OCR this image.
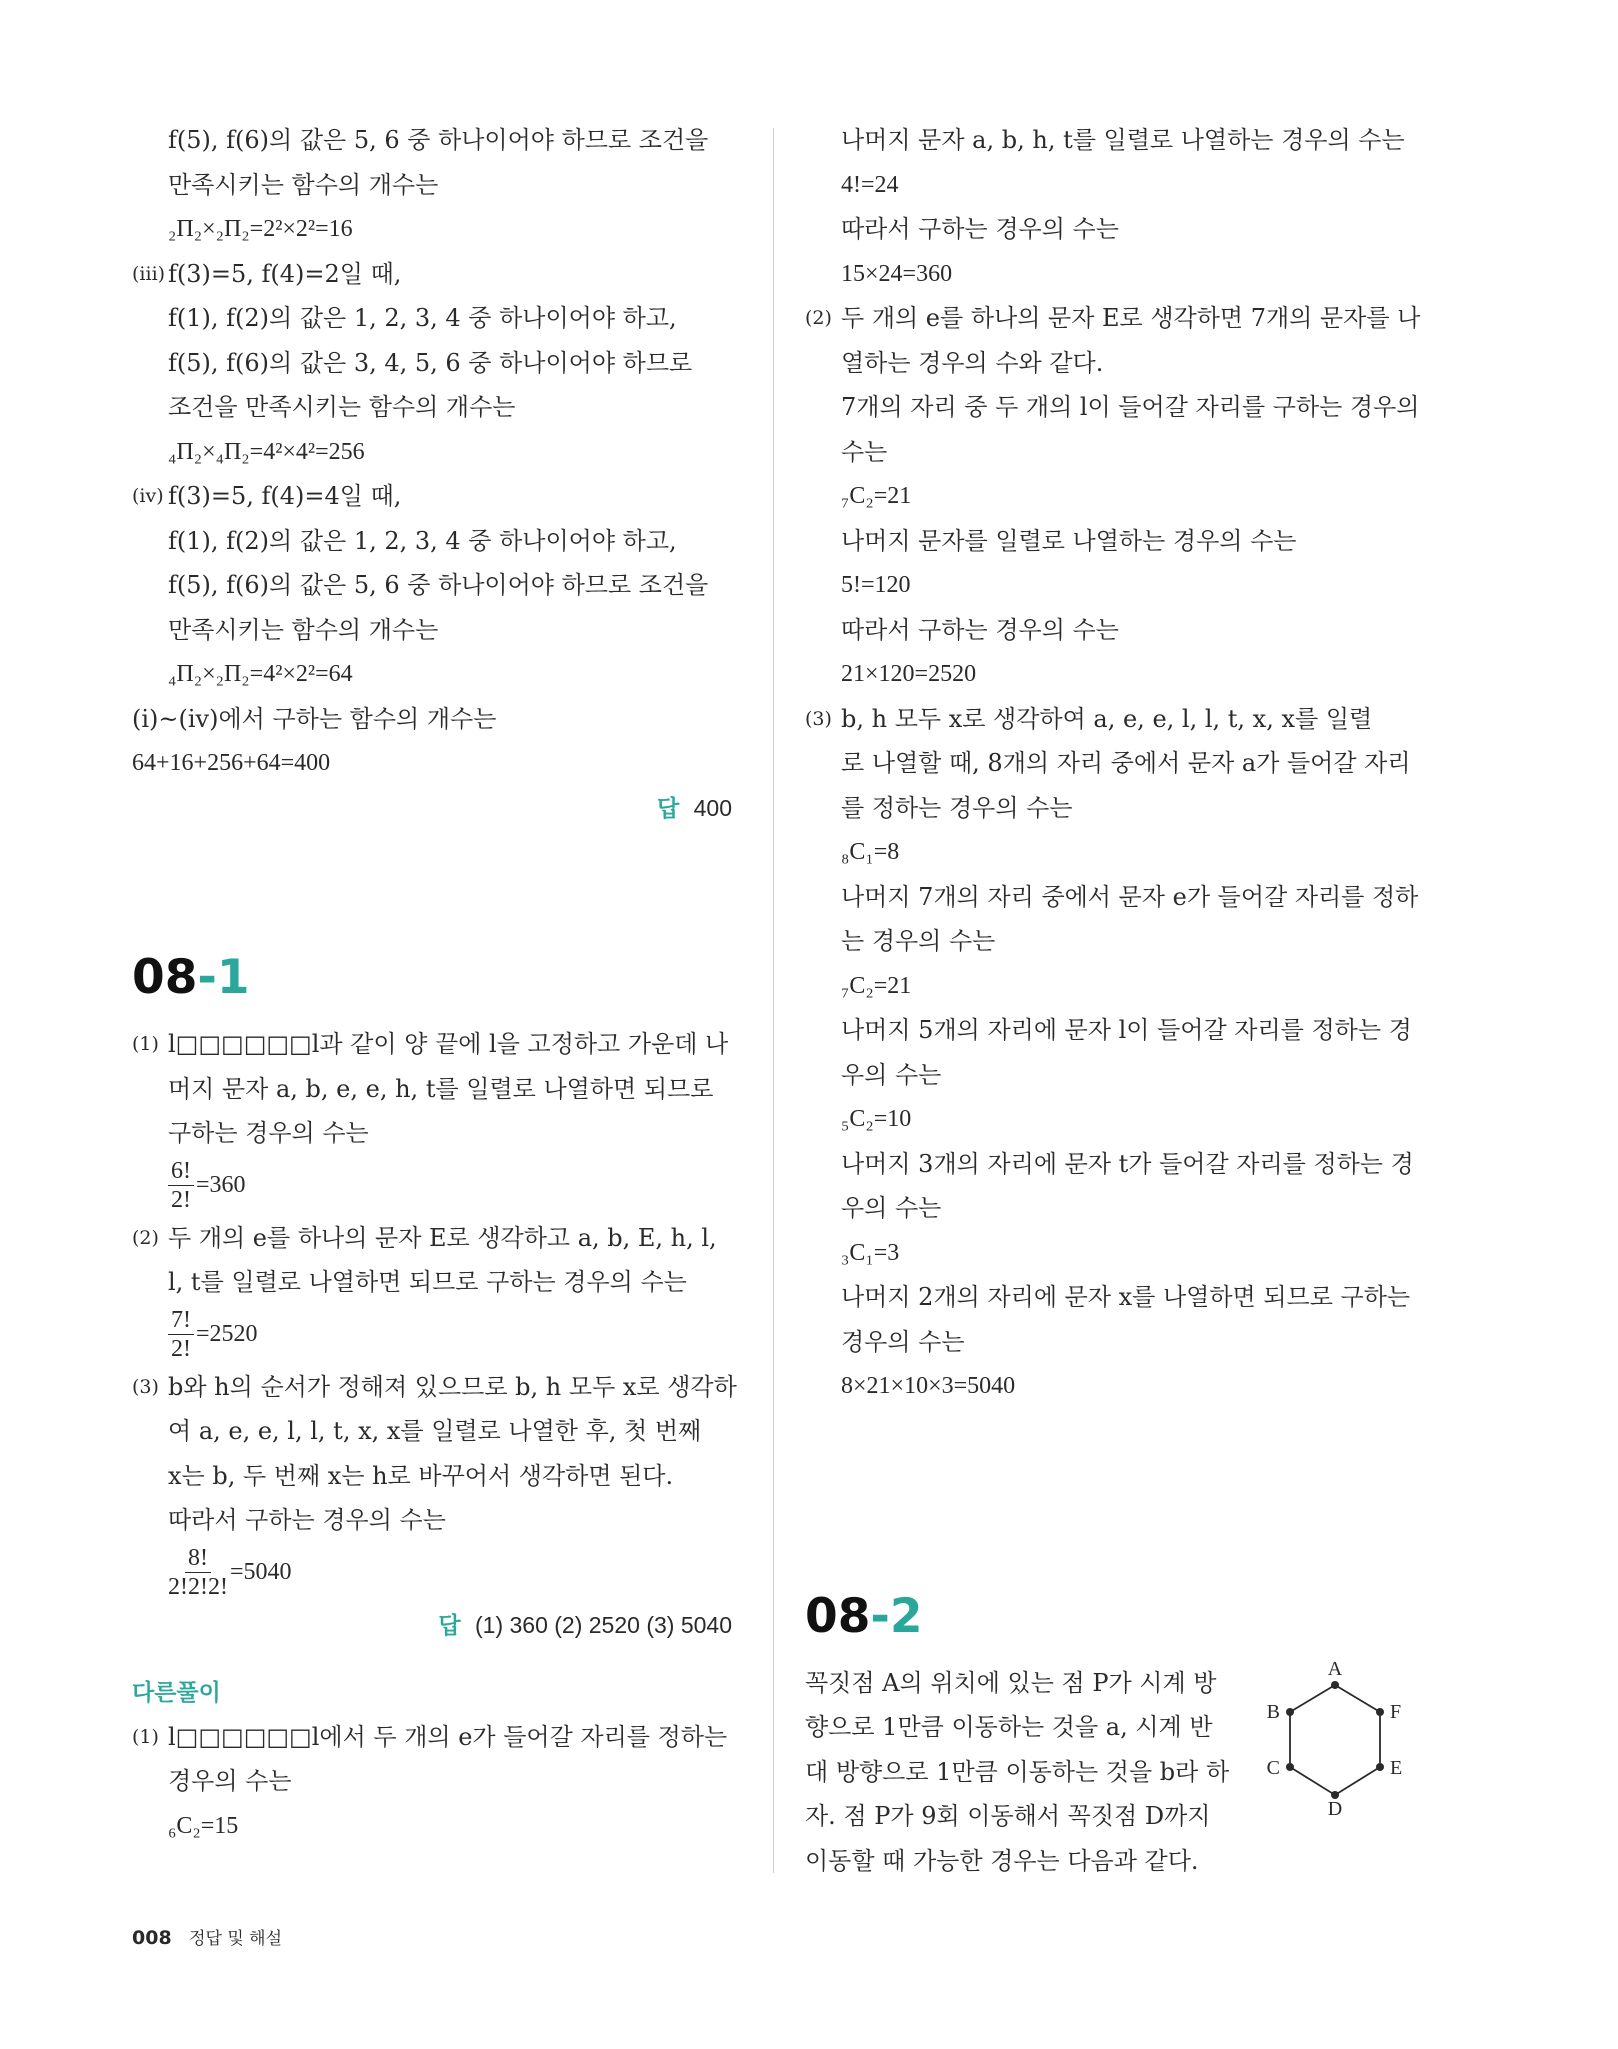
f(5), f(6)의 값은 5, 6 중 하나이어야 하므로 조건을
만족시키는 함수의 개수는
₂Π₂×₂Π₂=2²×2²=16
(iii) f(3)=5, f(4)=2일 때,
f(1), f(2)의 값은 1, 2, 3, 4 중 하나이어야 하고,
f(5), f(6)의 값은 3, 4, 5, 6 중 하나이어야 하므로
조건을 만족시키는 함수의 개수는
₄Π₂×₄Π₂=4²×4²=256
(iv) f(3)=5, f(4)=4일 때,
f(1), f(2)의 값은 1, 2, 3, 4 중 하나이어야 하고,
f(5), f(6)의 값은 5, 6 중 하나이어야 하므로 조건을
만족시키는 함수의 개수는
₄Π₂×₂Π₂=4²×2²=64
(i)~(iv)에서 구하는 함수의 개수는
64+16+256+64=400
답 400
08-1
(1) l□□□□□□l과 같이 양 끝에 l을 고정하고 가운데 나
머지 문자 a, b, e, e, h, t를 일렬로 나열하면 되므로
구하는 경우의 수는
$\frac{6!}{2!} =360$
(2) 두 개의 e를 하나의 문자 E로 생각하고 a, b, E, h, l,
l, t를 일렬로 나열하면 되므로 구하는 경우의 수는
$\frac{7!}{2!} =2520$
(3) b와 h의 순서가 정해져 있으므로 b, h 모두 x로 생각하
여 a, e, e, l, l, t, x, x를 일렬로 나열한 후, 첫 번째
x는 b, 두 번째 x는 h로 바꾸어서 생각하면 된다.
따라서 구하는 경우의 수는
$\frac{8!}{2!2!2!} =5040$
답 (1) 360 (2) 2520 (3) 5040
다른풀이
(1) l□□□□□□l에서 두 개의 e가 들어갈 자리를 정하는
경우의 수는
₆C₂=15
나머지 문자 a, b, h, t를 일렬로 나열하는 경우의 수는
4!=24
따라서 구하는 경우의 수는
15×24=360
(2) 두 개의 e를 하나의 문자 E로 생각하면 7개의 문자를 나
열하는 경우의 수와 같다.
7개의 자리 중 두 개의 l이 들어갈 자리를 구하는 경우의
수는
₇C₂=21
나머지 문자를 일렬로 나열하는 경우의 수는
5!=120
따라서 구하는 경우의 수는
21×120=2520
(3) b, h 모두 x로 생각하여 a, e, e, l, l, t, x, x를 일렬
로 나열할 때, 8개의 자리 중에서 문자 a가 들어갈 자리
를 정하는 경우의 수는
₈C₁=8
나머지 7개의 자리 중에서 문자 e가 들어갈 자리를 정하
는 경우의 수는
₇C₂=21
나머지 5개의 자리에 문자 l이 들어갈 자리를 정하는 경
우의 수는
₅C₂=10
나머지 3개의 자리에 문자 t가 들어갈 자리를 정하는 경
우의 수는
₃C₁=3
나머지 2개의 자리에 문자 x를 나열하면 되므로 구하는
경우의 수는
8×21×10×3=5040
08-2
꼭짓점 A의 위치에 있는 점 P가 시계 방
향으로 1만큼 이동하는 것을 a, 시계 반
대 방향으로 1만큼 이동하는 것을 b라 하
자. 점 P가 9회 이동해서 꼭짓점 D까지
이동할 때 가능한 경우는 다음과 같다.
A
F
E
D
C
B
008 정답 및 해설
